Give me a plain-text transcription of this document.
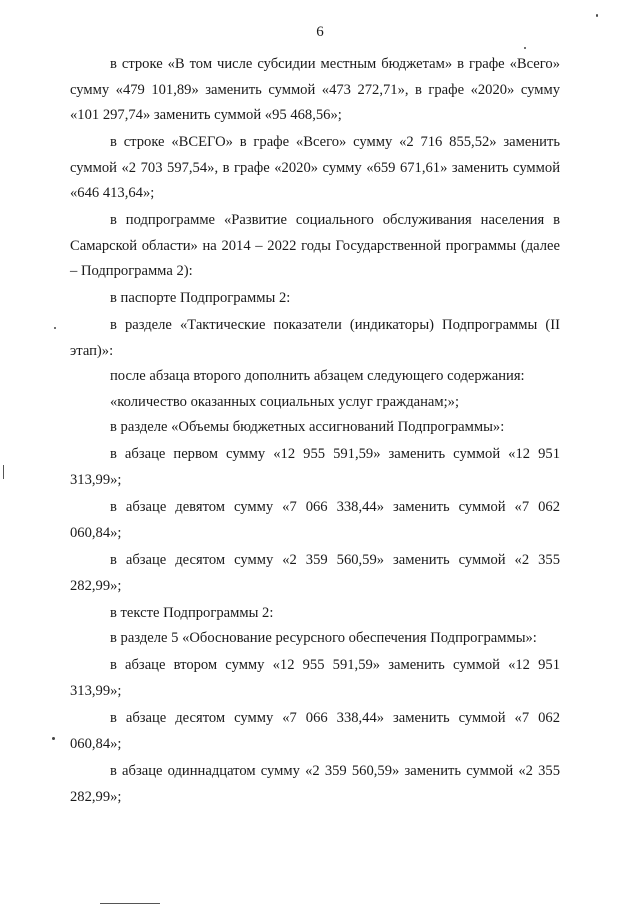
6

в строке «В том числе субсидии местным бюджетам» в графе «Всего» сумму «479 101,89» заменить суммой «473 272,71», в графе «2020» сумму «101 297,74» заменить суммой «95 468,56»;

в строке «ВСЕГО» в графе «Всего» сумму «2 716 855,52» заменить суммой «2 703 597,54», в графе «2020» сумму «659 671,61» заменить суммой «646 413,64»;

в подпрограмме «Развитие социального обслуживания населения в Самарской области» на 2014 – 2022 годы Государственной программы (далее – Подпрограмма 2):

в паспорте Подпрограммы 2:

в разделе «Тактические показатели (индикаторы) Подпрограммы (II этап)»:

после абзаца второго дополнить абзацем следующего содержания:

«количество оказанных социальных услуг гражданам;»;

в разделе «Объемы бюджетных ассигнований Подпрограммы»:

в абзаце первом сумму «12 955 591,59» заменить суммой «12 951 313,99»;

в абзаце девятом сумму «7 066 338,44» заменить суммой «7 062 060,84»;

в абзаце десятом сумму «2 359 560,59» заменить суммой «2 355 282,99»;

в тексте Подпрограммы 2:

в разделе 5 «Обоснование ресурсного обеспечения Подпрограммы»:

в абзаце втором сумму «12 955 591,59» заменить суммой «12 951 313,99»;

в абзаце десятом сумму «7 066 338,44» заменить суммой «7 062 060,84»;

в абзаце одиннадцатом сумму «2 359 560,59» заменить суммой «2 355 282,99»;
